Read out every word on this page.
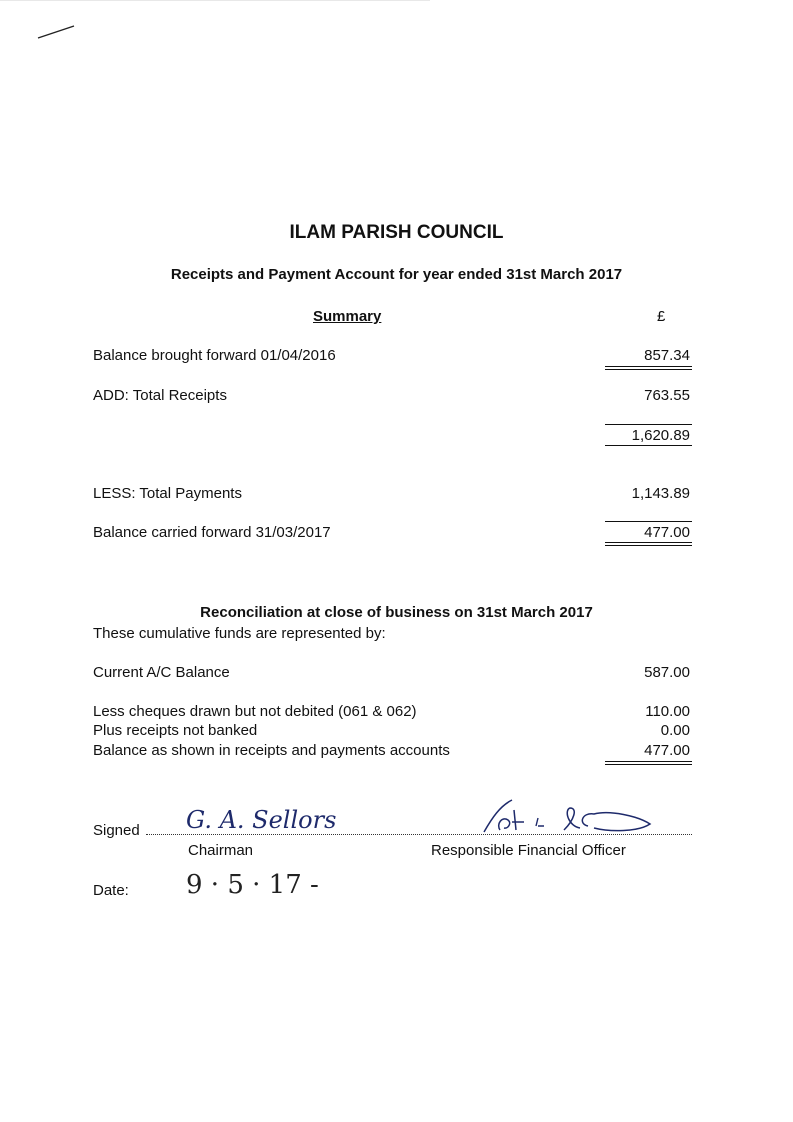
ILAM PARISH COUNCIL
Receipts and Payment Account for year ended 31st March 2017
Summary	£
Balance brought forward 01/04/2016	857.34
ADD: Total Receipts	763.55
1,620.89
LESS: Total Payments	1,143.89
Balance carried forward 31/03/2017	477.00
Reconciliation at close of business on 31st March 2017
These cumulative funds are represented by:
Current A/C Balance	587.00
Less cheques drawn but not debited (061 & 062)	110.00
Plus receipts not banked	0.00
Balance as shown in receipts and payments accounts	477.00
Signed G. A. Sellors
Chairman	Responsible Financial Officer
Date: 9 · 5 · 17 -
